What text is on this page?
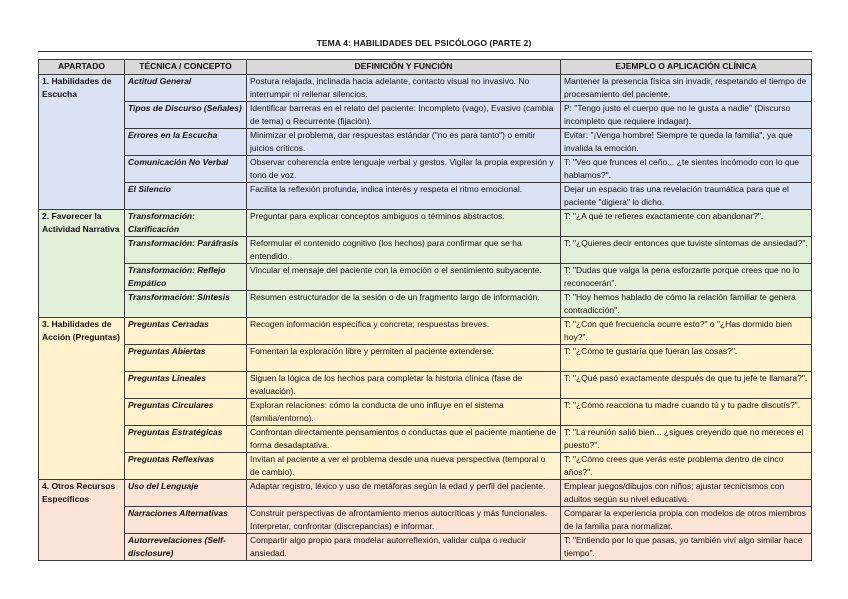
TEMA 4: HABILIDADES DEL PSICÓLOGO (PARTE 2)
APARTADO	TÉCNICA / CONCEPTO	DEFINICIÓN Y FUNCIÓN	EJEMPLO O APLICACIÓN CLÍNICA
1. Habilidades de Escucha	Actitud General	Postura relajada, inclinada hacia adelante, contacto visual no invasivo. No interrumpir ni rellenar silencios.	Mantener la presencia física sin invadir, respetando el tiempo de procesamiento del paciente.
	Tipos de Discurso (Señales)	Identificar barreras en el relato del paciente: Incompleto (vago), Evasivo (cambia de tema) o Recurrente (fijación).	P: "Tengo justo el cuerpo que no le gusta a nadie" (Discurso incompleto que requiere indagar).
	Errores en la Escucha	Minimizar el problema, dar respuestas estándar ("no es para tanto") o emitir juicios críticos.	Evitar: "¡Venga hombre! Siempre te queda la familia", ya que invalida la emoción.
	Comunicación No Verbal	Observar coherencia entre lenguaje verbal y gestos. Vigilar la propia expresión y tono de voz.	T: "Veo que frunces el ceño... ¿te sientes incómodo con lo que hablamos?".
	El Silencio	Facilita la reflexión profunda, indica interés y respeta el ritmo emocional.	Dejar un espacio tras una revelación traumática para que el paciente "digiera" lo dicho.
2. Favorecer la Actividad Narrativa	Transformación: Clarificación	Preguntar para explicar conceptos ambiguos o términos abstractos.	T: "¿A qué te refieres exactamente con abandonar?".
	Transformación: Paráfrasis	Reformular el contenido cognitivo (los hechos) para confirmar que se ha entendido.	T: "¿Quieres decir entonces que tuviste síntomas de ansiedad?".
	Transformación: Reflejo Empático	Vincular el mensaje del paciente con la emoción o el sentimiento subyacente.	T: "Dudas que valga la pena esforzarte porque crees que no lo reconocerán".
	Transformación: Síntesis	Resumen estructurador de la sesión o de un fragmento largo de información.	T: "Hoy hemos hablado de cómo la relación familiar te genera contradicción".
3. Habilidades de Acción (Preguntas)	Preguntas Cerradas	Recogen información específica y concreta; respuestas breves.	T: "¿Con qué frecuencia ocurre esto?" o "¿Has dormido bien hoy?".
	Preguntas Abiertas	Fomentan la exploración libre y permiten al paciente extenderse.	T: "¿Cómo te gustaría que fueran las cosas?".
	Preguntas Lineales	Siguen la lógica de los hechos para completar la historia clínica (fase de evaluación).	T: "¿Qué pasó exactamente después de que tu jefe te llamara?".
	Preguntas Circulares	Exploran relaciones: cómo la conducta de uno influye en el sistema (familia/entorno).	T: "¿Cómo reacciona tu madre cuando tú y tu padre discutís?".
	Preguntas Estratégicas	Confrontan directamente pensamientos o conductas que el paciente mantiene de forma desadaptativa.	T: "La reunión salió bien... ¿sigues creyendo que no mereces el puesto?".
	Preguntas Reflexivas	Invitan al paciente a ver el problema desde una nueva perspectiva (temporal o de cambio).	T: "¿Cómo crees que verás este problema dentro de cinco años?".
4. Otros Recursos Específicos	Uso del Lenguaje	Adaptar registro, léxico y uso de metáforas según la edad y perfil del paciente.	Emplear juegos/dibujos con niños; ajustar tecnicismos con adultos según su nivel educativo.
	Narraciones Alternativas	Construir perspectivas de afrontamiento menos autocríticas y más funcionales. Interpretar, confrontar (discrepancias) e informar.	Comparar la experiencia propia con modelos de otros miembros de la familia para normalizar.
	Autorrevelaciones (Self-disclosure)	Compartir algo propio para modelar autorreflexión, validar culpa o reducir ansiedad.	T: "Entiendo por lo que pasas, yo también viví algo similar hace tiempo".
